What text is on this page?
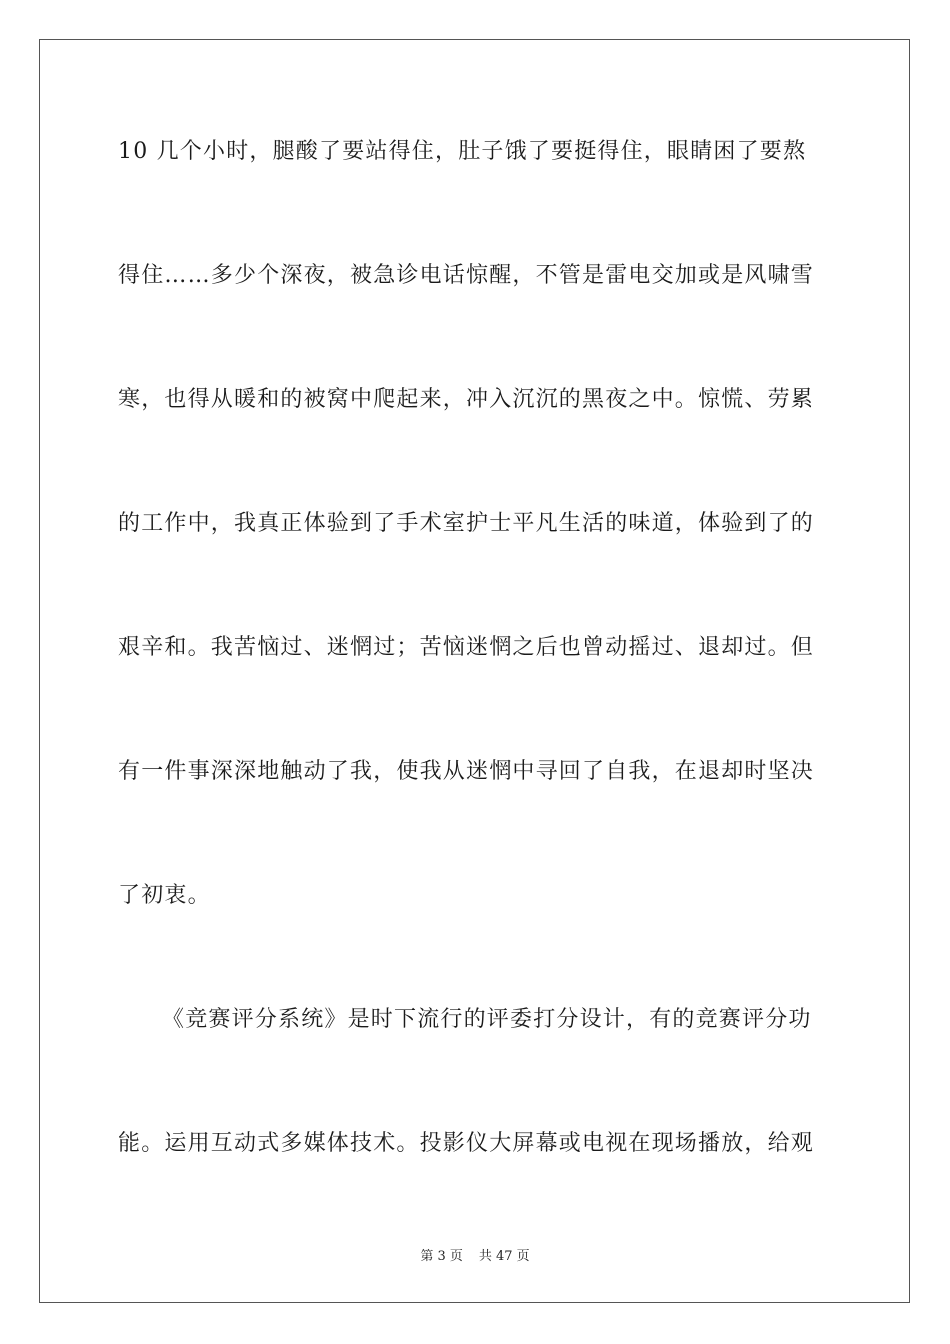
10 几个小时，腿酸了要站得住，肚子饿了要挺得住，眼睛困了要熬
得住……多少个深夜，被急诊电话惊醒，不管是雷电交加或是风啸雪
寒，也得从暖和的被窝中爬起来，冲入沉沉的黑夜之中。惊慌、劳累
的工作中，我真正体验到了手术室护士平凡生活的味道，体验到了的
艰辛和。我苦恼过、迷惘过；苦恼迷惘之后也曾动摇过、退却过。但
有一件事深深地触动了我，使我从迷惘中寻回了自我，在退却时坚决
了初衷。
《竞赛评分系统》是时下流行的评委打分设计，有的竞赛评分功
能。运用互动式多媒体技术。投影仪大屏幕或电视在现场播放，给观
第 3 页 共 47 页
